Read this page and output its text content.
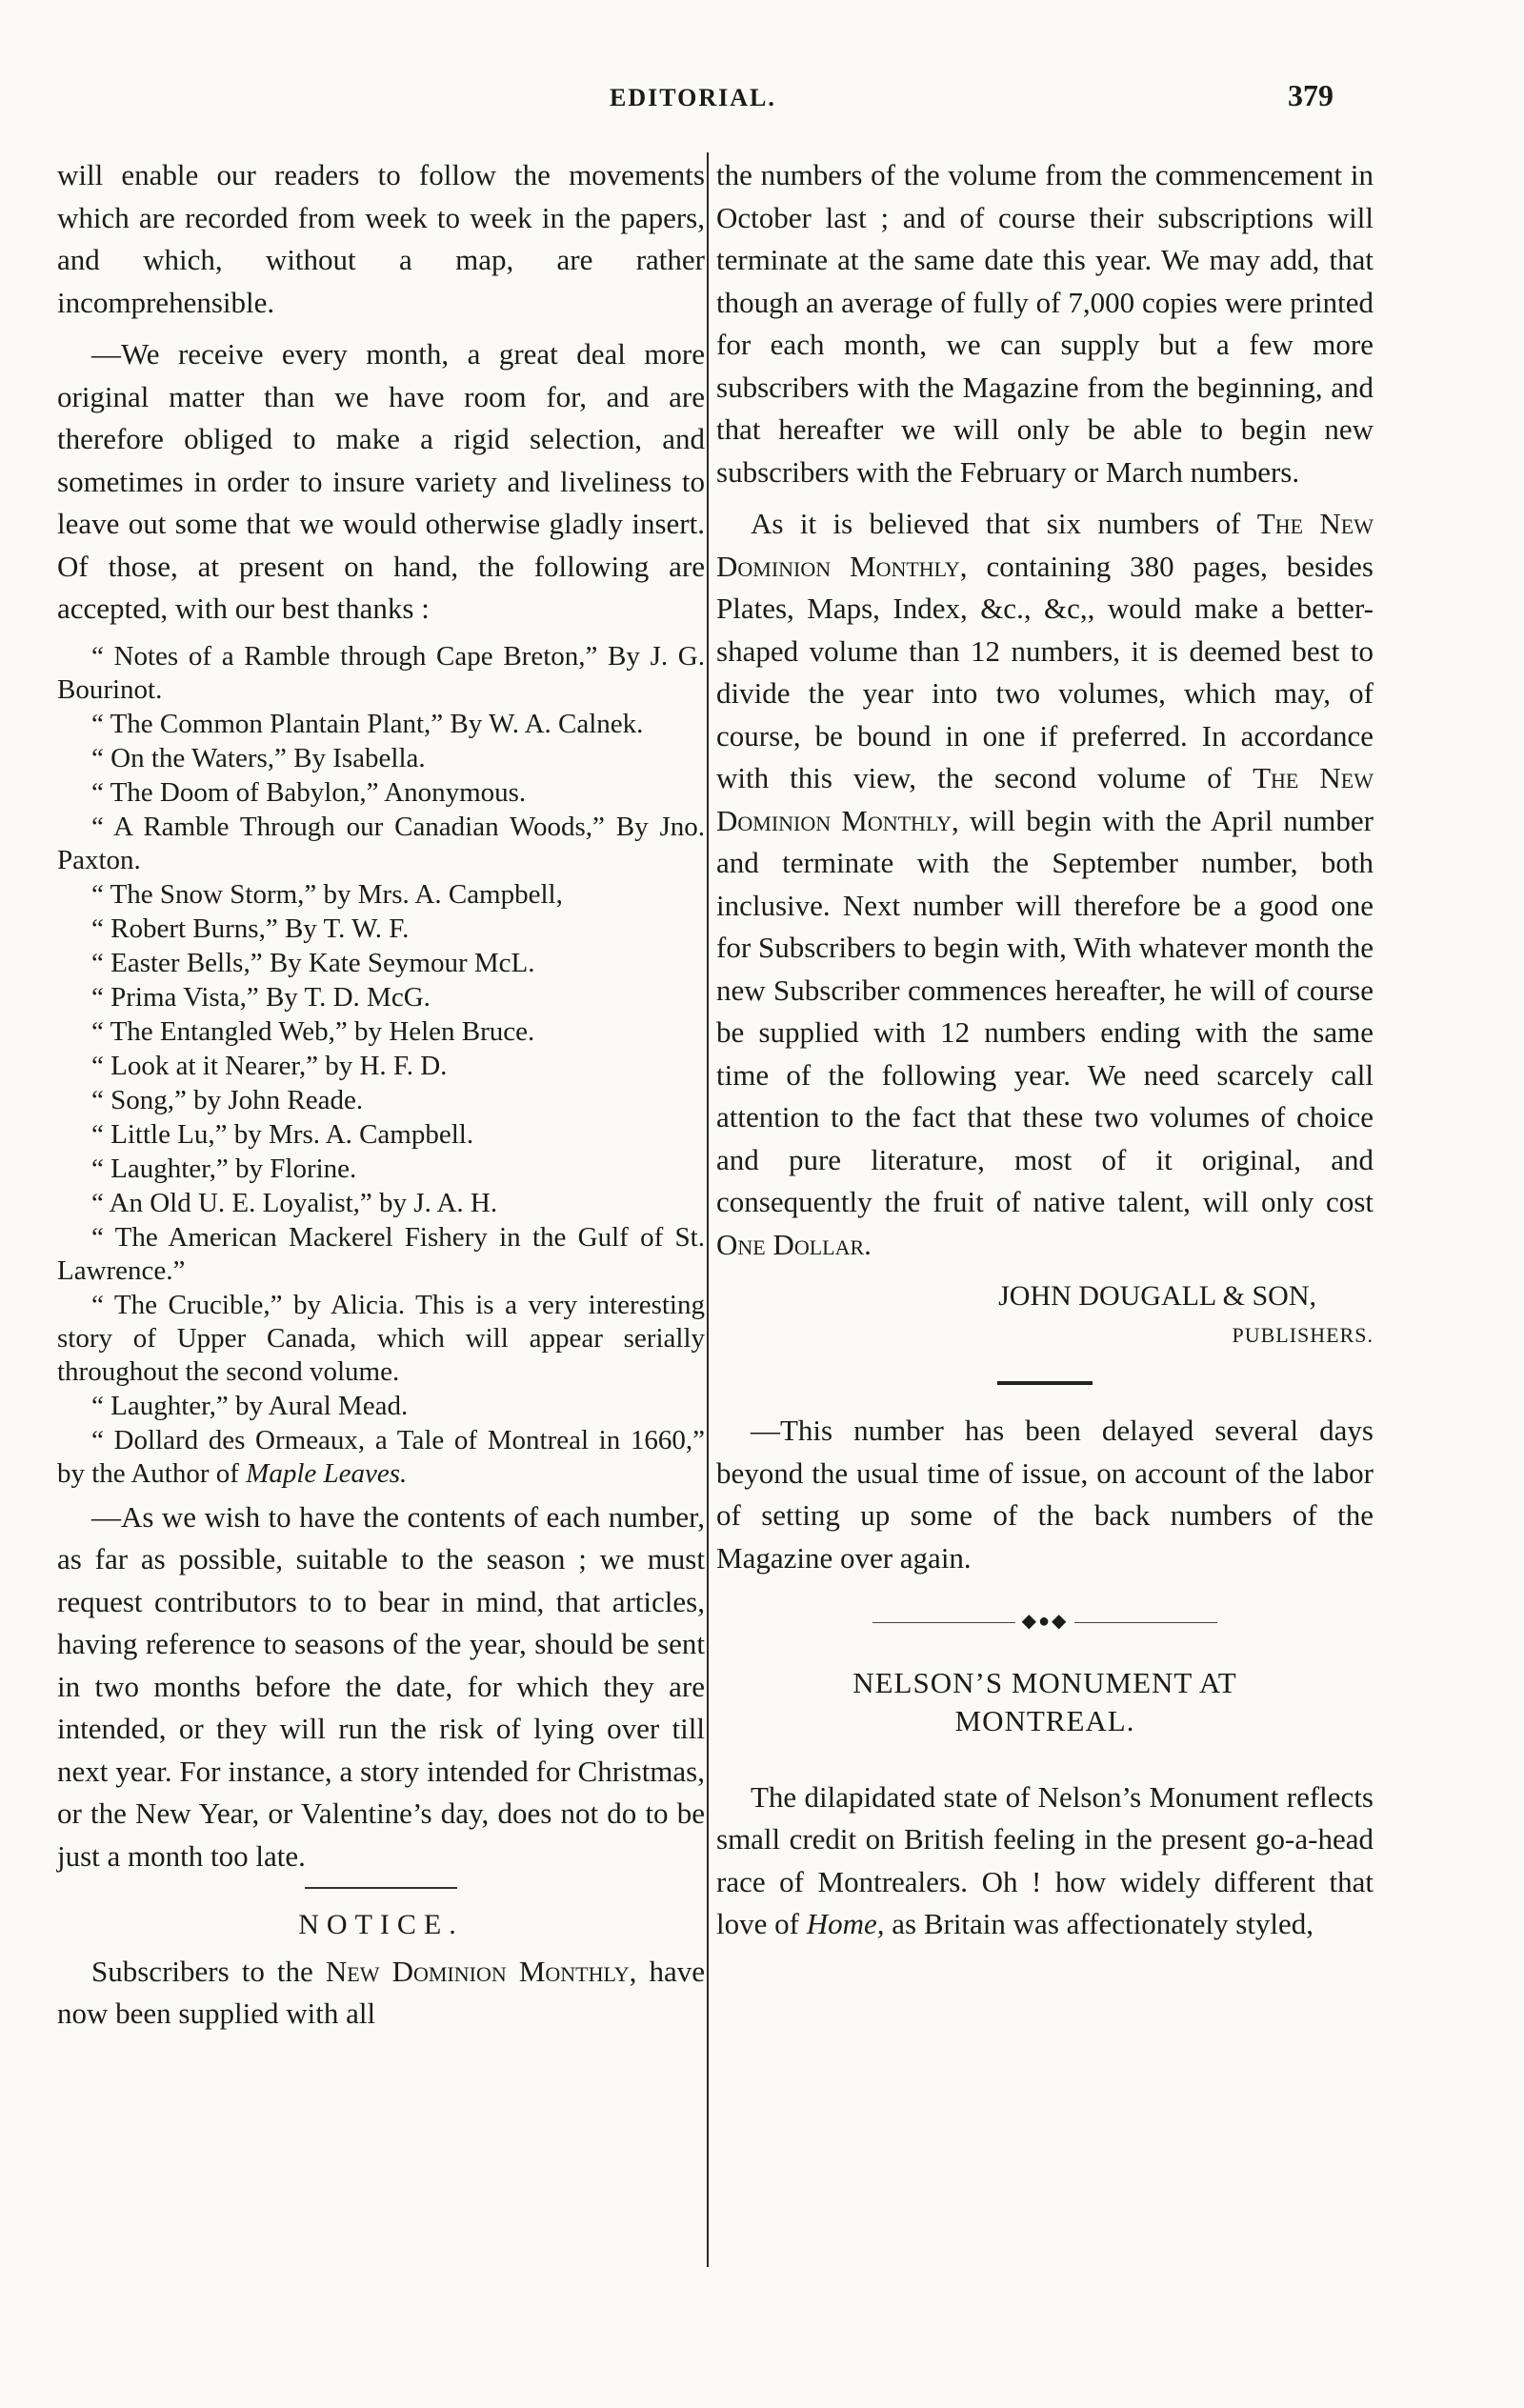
EDITORIAL.	379

will enable our readers to follow the movements which are recorded from week to week in the papers, and which, without a map, are rather incomprehensible.

—We receive every month, a great deal more original matter than we have room for, and are therefore obliged to make a rigid selection, and sometimes in order to insure variety and liveliness to leave out some that we would otherwise gladly insert. Of those, at present on hand, the following are accepted, with our best thanks :

“ Notes of a Ramble through Cape Breton,” By J. G. Bourinot.
“ The Common Plantain Plant,” By W. A. Calnek.
“ On the Waters,” By Isabella.
“ The Doom of Babylon,” Anonymous.
“ A Ramble Through our Canadian Woods,” By Jno. Paxton.
“ The Snow Storm,” by Mrs. A. Campbell,
“ Robert Burns,” By T. W. F.
“ Easter Bells,” By Kate Seymour McL.
“ Prima Vista,” By T. D. McG.
“ The Entangled Web,” by Helen Bruce.
“ Look at it Nearer,” by H. F. D.
“ Song,” by John Reade.
“ Little Lu,” by Mrs. A. Campbell.
“ Laughter,” by Florine.
“ An Old U. E. Loyalist,” by J. A. H.
“ The American Mackerel Fishery in the Gulf of St. Lawrence.”
“ The Crucible,” by Alicia. This is a very interesting story of Upper Canada, which will appear serially throughout the second volume.
“ Laughter,” by Aural Mead.
“ Dollard des Ormeaux, a Tale of Montreal in 1660,” by the Author of Maple Leaves.

—As we wish to have the contents of each number, as far as possible, suitable to the season ; we must request contributors to to bear in mind, that articles, having reference to seasons of the year, should be sent in two months before the date, for which they are intended, or they will run the risk of lying over till next year. For instance, a story intended for Christmas, or the New Year, or Valentine’s day, does not do to be just a month too late.

NOTICE.

Subscribers to the New Dominion Monthly, have now been supplied with all

the numbers of the volume from the commencement in October last ; and of course their subscriptions will terminate at the same date this year. We may add, that though an average of fully of 7,000 copies were printed for each month, we can supply but a few more subscribers with the Magazine from the beginning, and that hereafter we will only be able to begin new subscribers with the February or March numbers.

As it is believed that six numbers of The New Dominion Monthly, containing 380 pages, besides Plates, Maps, Index, &c., &c,, would make a better-shaped volume than 12 numbers, it is deemed best to divide the year into two volumes, which may, of course, be bound in one if preferred. In accordance with this view, the second volume of The New Dominion Monthly, will begin with the April number and terminate with the September number, both inclusive. Next number will therefore be a good one for Subscribers to begin with, With whatever month the new Subscriber commences hereafter, he will of course be supplied with 12 numbers ending with the same time of the following year. We need scarcely call attention to the fact that these two volumes of choice and pure literature, most of it original, and consequently the fruit of native talent, will only cost One Dollar.

JOHN DOUGALL & SON,
PUBLISHERS.

—This number has been delayed several days beyond the usual time of issue, on account of the labor of setting up some of the back numbers of the Magazine over again.

◆●◆
NELSON’S MONUMENT AT
MONTREAL.

The dilapidated state of Nelson’s Monument reflects small credit on British feeling in the present go-a-head race of Montrealers. Oh ! how widely different that love of Home, as Britain was affectionately styled,
